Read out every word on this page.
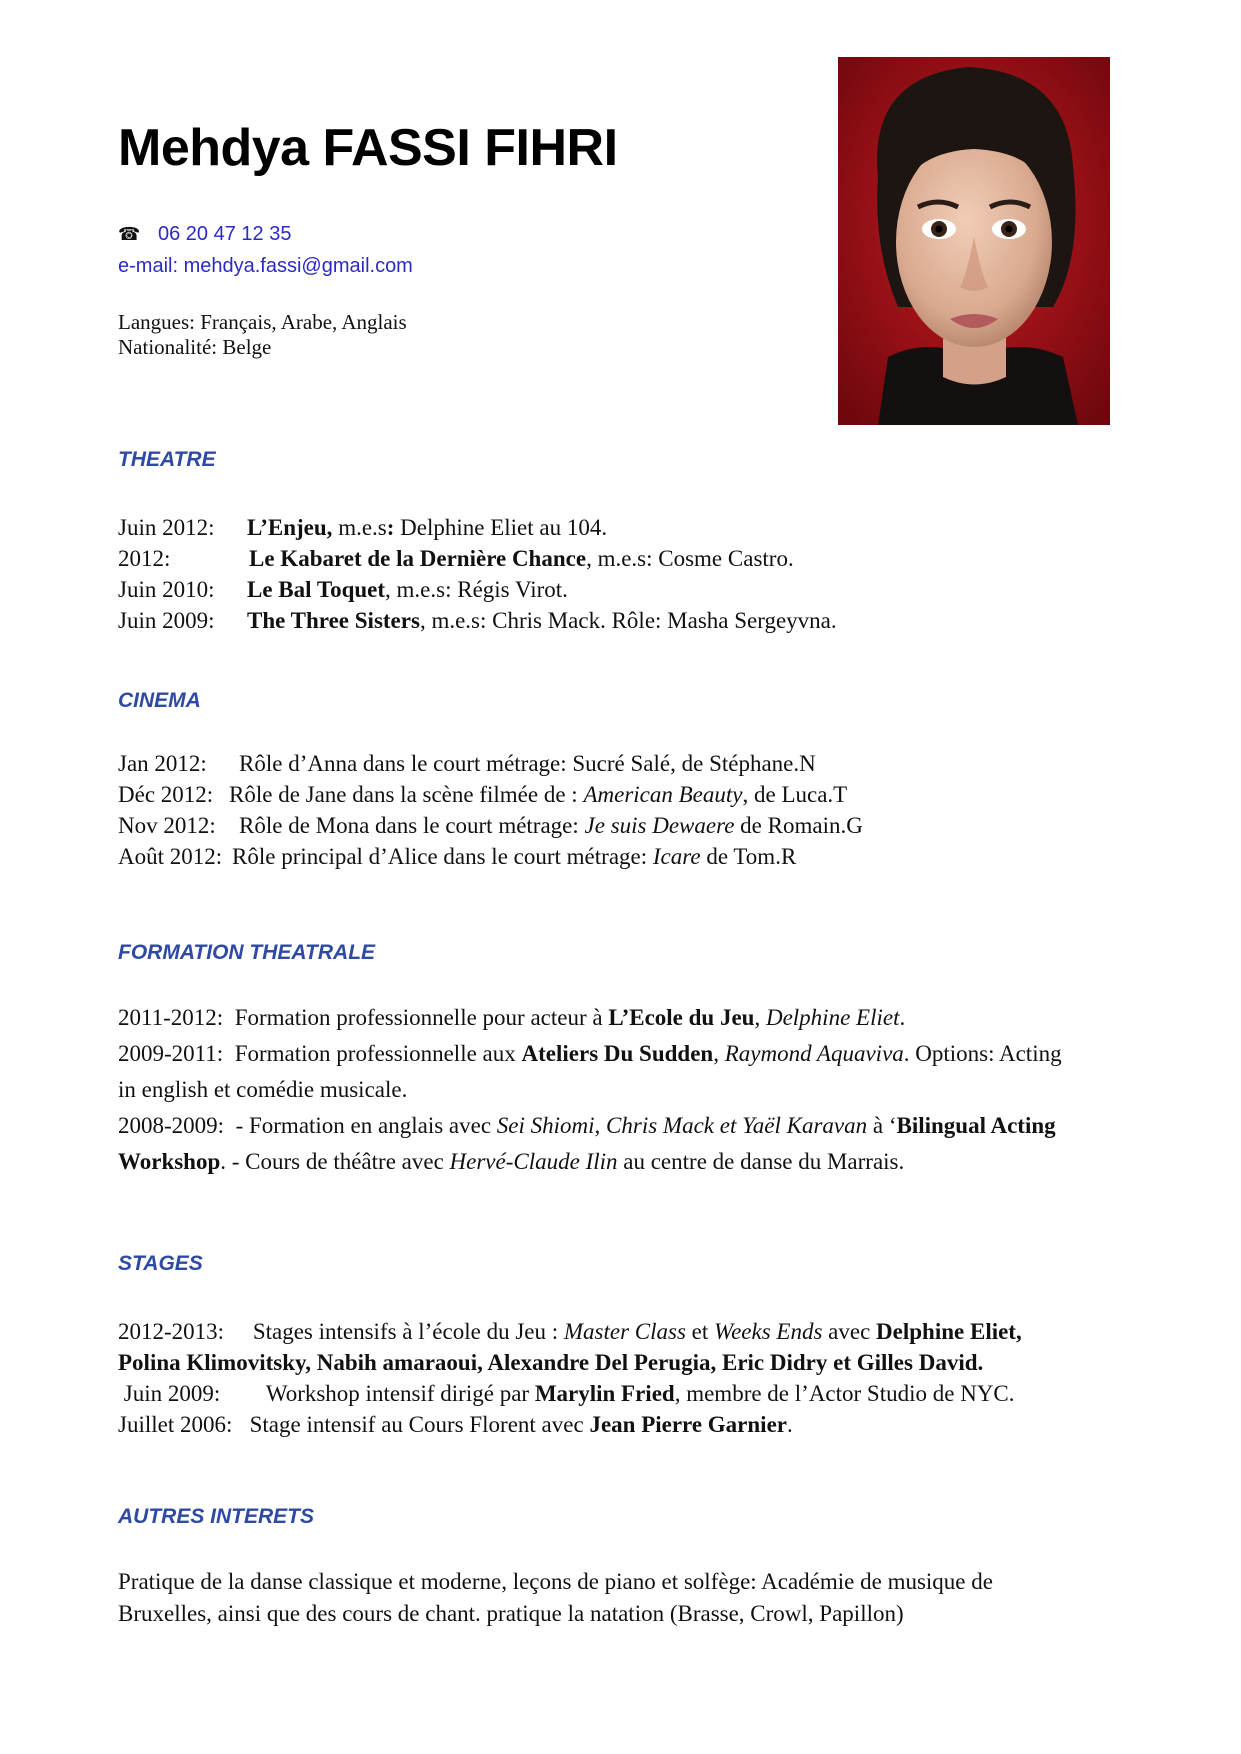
Mehdya FASSI FIHRI
☎ 06 20 47 12 35
e-mail: mehdya.fassi@gmail.com
Langues: Français, Arabe, Anglais
Nationalité: Belge
THEATRE
Juin 2012: L’Enjeu, m.e.s: Delphine Eliet au 104.
2012:	Le Kabaret de la Dernière Chance, m.e.s: Cosme Castro.
Juin 2010: Le Bal Toquet, m.e.s: Régis Virot.
Juin 2009: The Three Sisters, m.e.s: Chris Mack. Rôle: Masha Sergeyvna.
CINEMA
Jan 2012: Rôle d’Anna dans le court métrage: Sucré Salé, de Stéphane.N
Déc 2012: Rôle de Jane dans la scène filmée de : American Beauty, de Luca.T
Nov 2012: Rôle de Mona dans le court métrage: Je suis Dewaere de Romain.G
Août 2012: Rôle principal d’Alice dans le court métrage: Icare de Tom.R
FORMATION THEATRALE

2011-2012: Formation professionnelle pour acteur à L’Ecole du Jeu, Delphine Eliet.

2009-2011: Formation professionnelle aux Ateliers Du Sudden, Raymond Aquaviva. Options: Acting in english et comédie musicale.

2008-2009: - Formation en anglais avec Sei Shiomi, Chris Mack et Yaël Karavan à ‘Bilingual Acting Workshop. - Cours de théâtre avec Hervé-Claude Ilin au centre de danse du Marrais.

STAGES

2012-2013: Stages intensifs à l’école du Jeu : Master Class et Weeks Ends avec Delphine Eliet, Polina Klimovitsky, Nabih amaraoui, Alexandre Del Perugia, Eric Didry et Gilles David.

Juin 2009: Workshop intensif dirigé par Marylin Fried, membre de l’Actor Studio de NYC.

Juillet 2006: Stage intensif au Cours Florent avec Jean Pierre Garnier.

AUTRES INTERETS

Pratique de la danse classique et moderne, leçons de piano et solfège: Académie de musique de Bruxelles, ainsi que des cours de chant. pratique la natation (Brasse, Crowl, Papillon)
